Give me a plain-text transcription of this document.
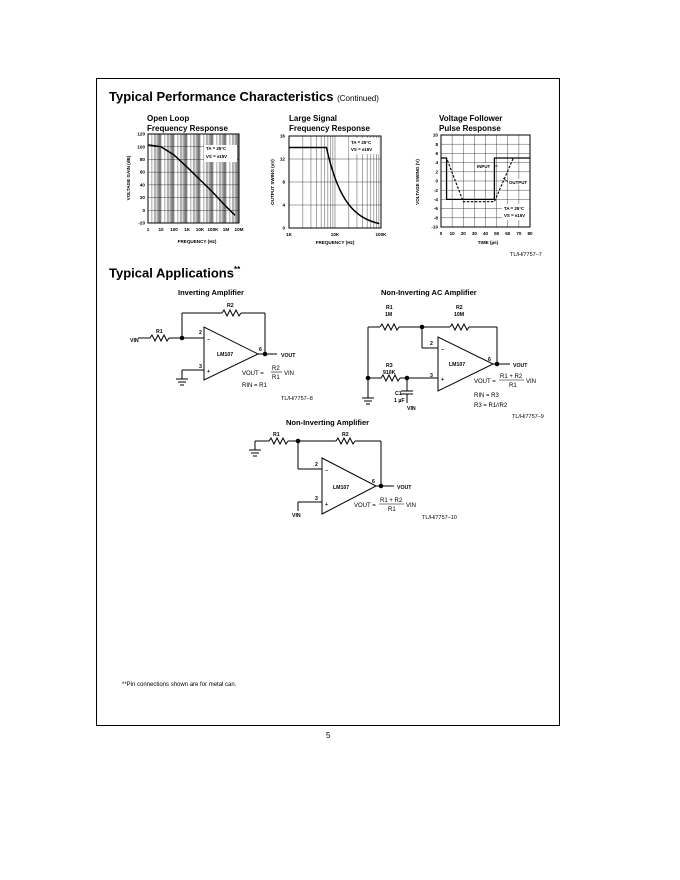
Typical Performance Characteristics (Continued)
Open Loop
Frequency Response
Large Signal
Frequency Response
Voltage Follower
Pulse Response
120
100
80
60
40
20
0
-20
1 10 100 1K 10K 100K 1M 10M
TA = 25°C
VS = ±15V
FREQUENCY (Hz)
VOLTAGE GAIN (dB)
16
12
8
4
0
1K	10K	100K
TA = 25°C
VS = ±15V
FREQUENCY (Hz)
OUTPUT SWING (±V)
10
8
6
4
2
0
-2
-4
-6
-8
-10
0 10 20 30 40 50 60 70 80
INPUT
OUTPUT
TA = 25°C
VS = ±15V
TIME (µs)
VOLTAGE SWING (V)
TL/H/7757–7
Typical Applications**
Inverting Amplifier	Non-Inverting AC Amplifier
Non-Inverting Amplifier
R1
R2
VIN
VOUT
LM107
2
3
6
−
+	VOUT =
R2
R1
VIN
RIN = R1
R1
1M
R2
10M
R3
910K
C1
1 µF
VIN
VOUT
LM107
2
3
6
−
+	VOUT =
R1 + R2
R1
VIN
RIN = R3
R3 = R1//R2
R1	R2
VIN
VOUT
LM107
2
3
6
−
+	VOUT =
R1 + R2
R1
VIN
TL/H/7757–8
TL/H/7757–9
TL/H/7757–10
**Pin connections shown are for metal can.
5
